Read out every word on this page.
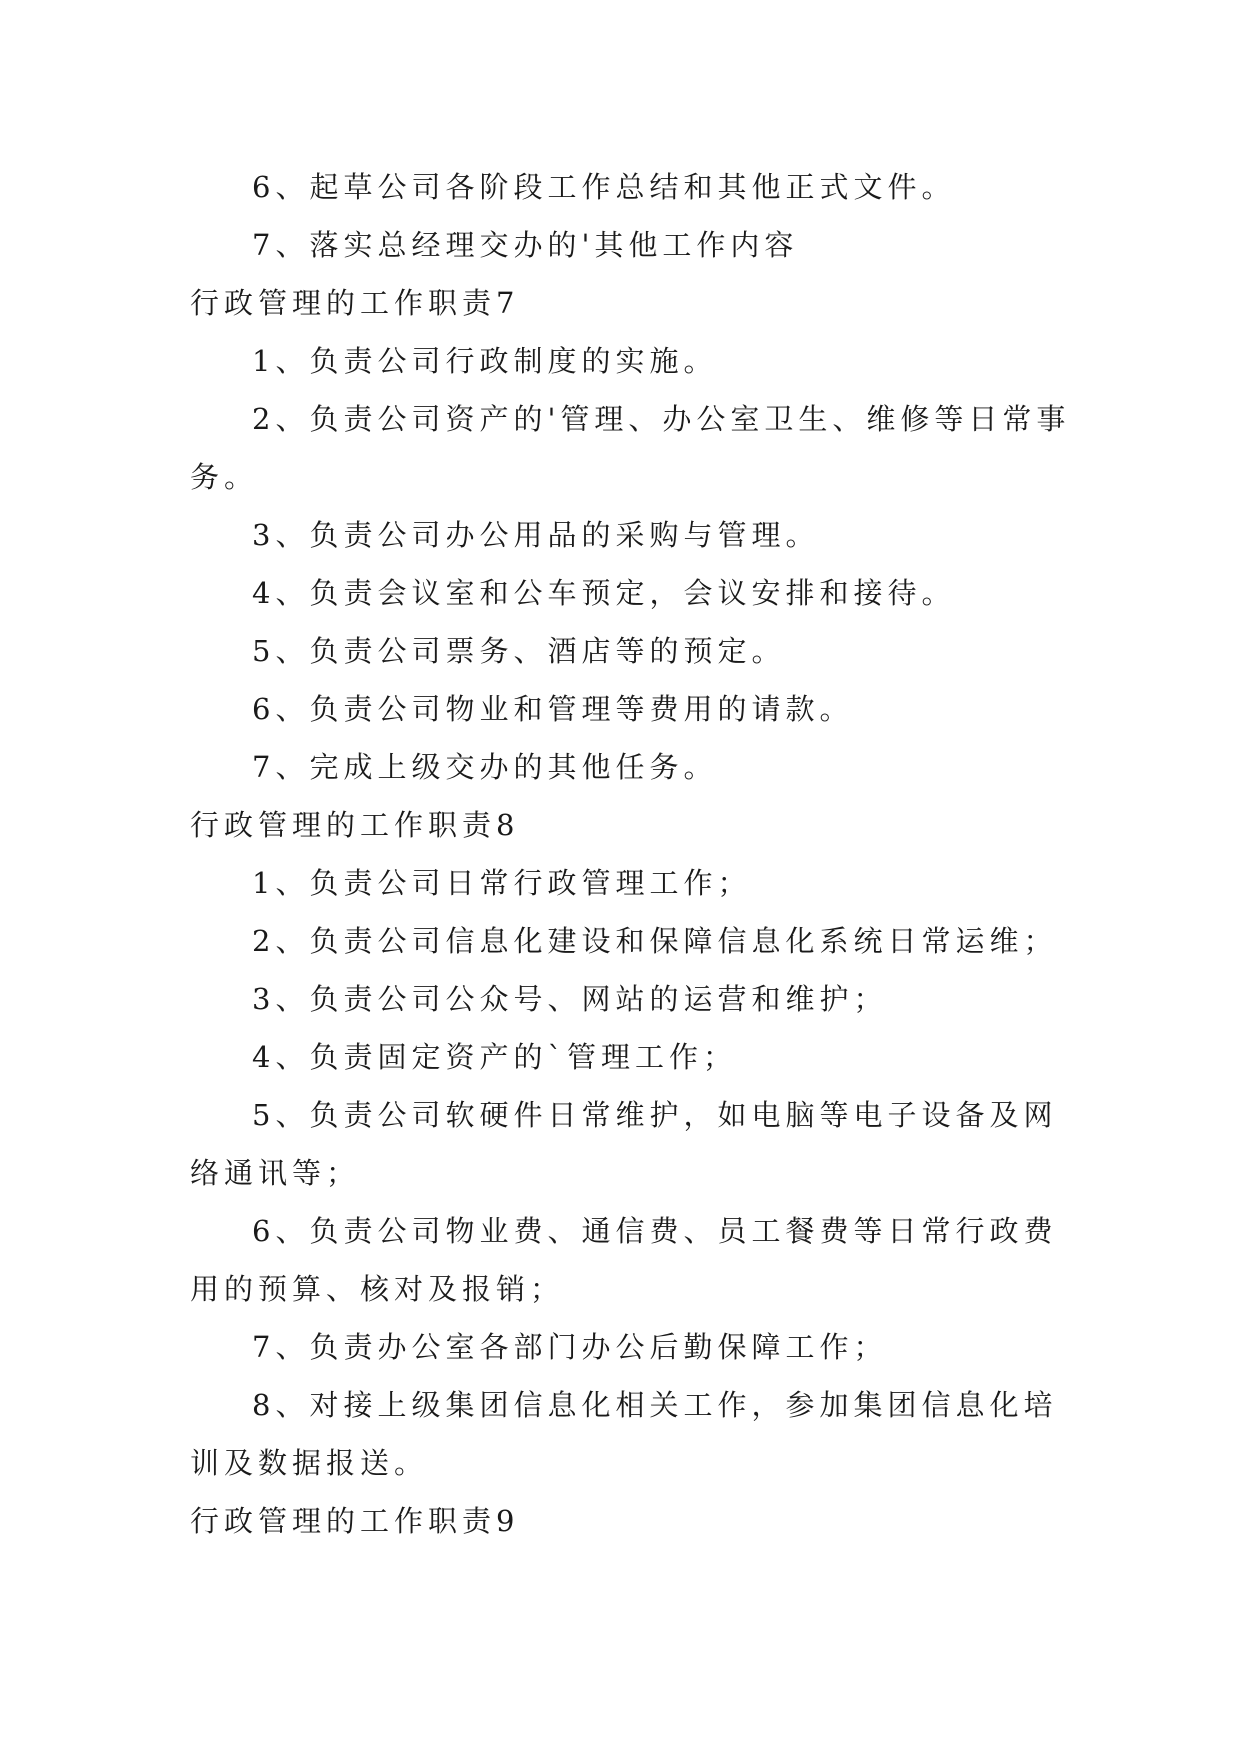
6、起草公司各阶段工作总结和其他正式文件。
7、落实总经理交办的'其他工作内容
行政管理的工作职责7
1、负责公司行政制度的实施。
2、负责公司资产的'管理、办公室卫生、维修等日常事
务。
3、负责公司办公用品的采购与管理。
4、负责会议室和公车预定，会议安排和接待。
5、负责公司票务、酒店等的预定。
6、负责公司物业和管理等费用的请款。
7、完成上级交办的其他任务。
行政管理的工作职责8
1、负责公司日常行政管理工作；
2、负责公司信息化建设和保障信息化系统日常运维；
3、负责公司公众号、网站的运营和维护；
4、负责固定资产的`管理工作；
5、负责公司软硬件日常维护，如电脑等电子设备及网
络通讯等；
6、负责公司物业费、通信费、员工餐费等日常行政费
用的预算、核对及报销；
7、负责办公室各部门办公后勤保障工作；
8、对接上级集团信息化相关工作，参加集团信息化培
训及数据报送。
行政管理的工作职责9
